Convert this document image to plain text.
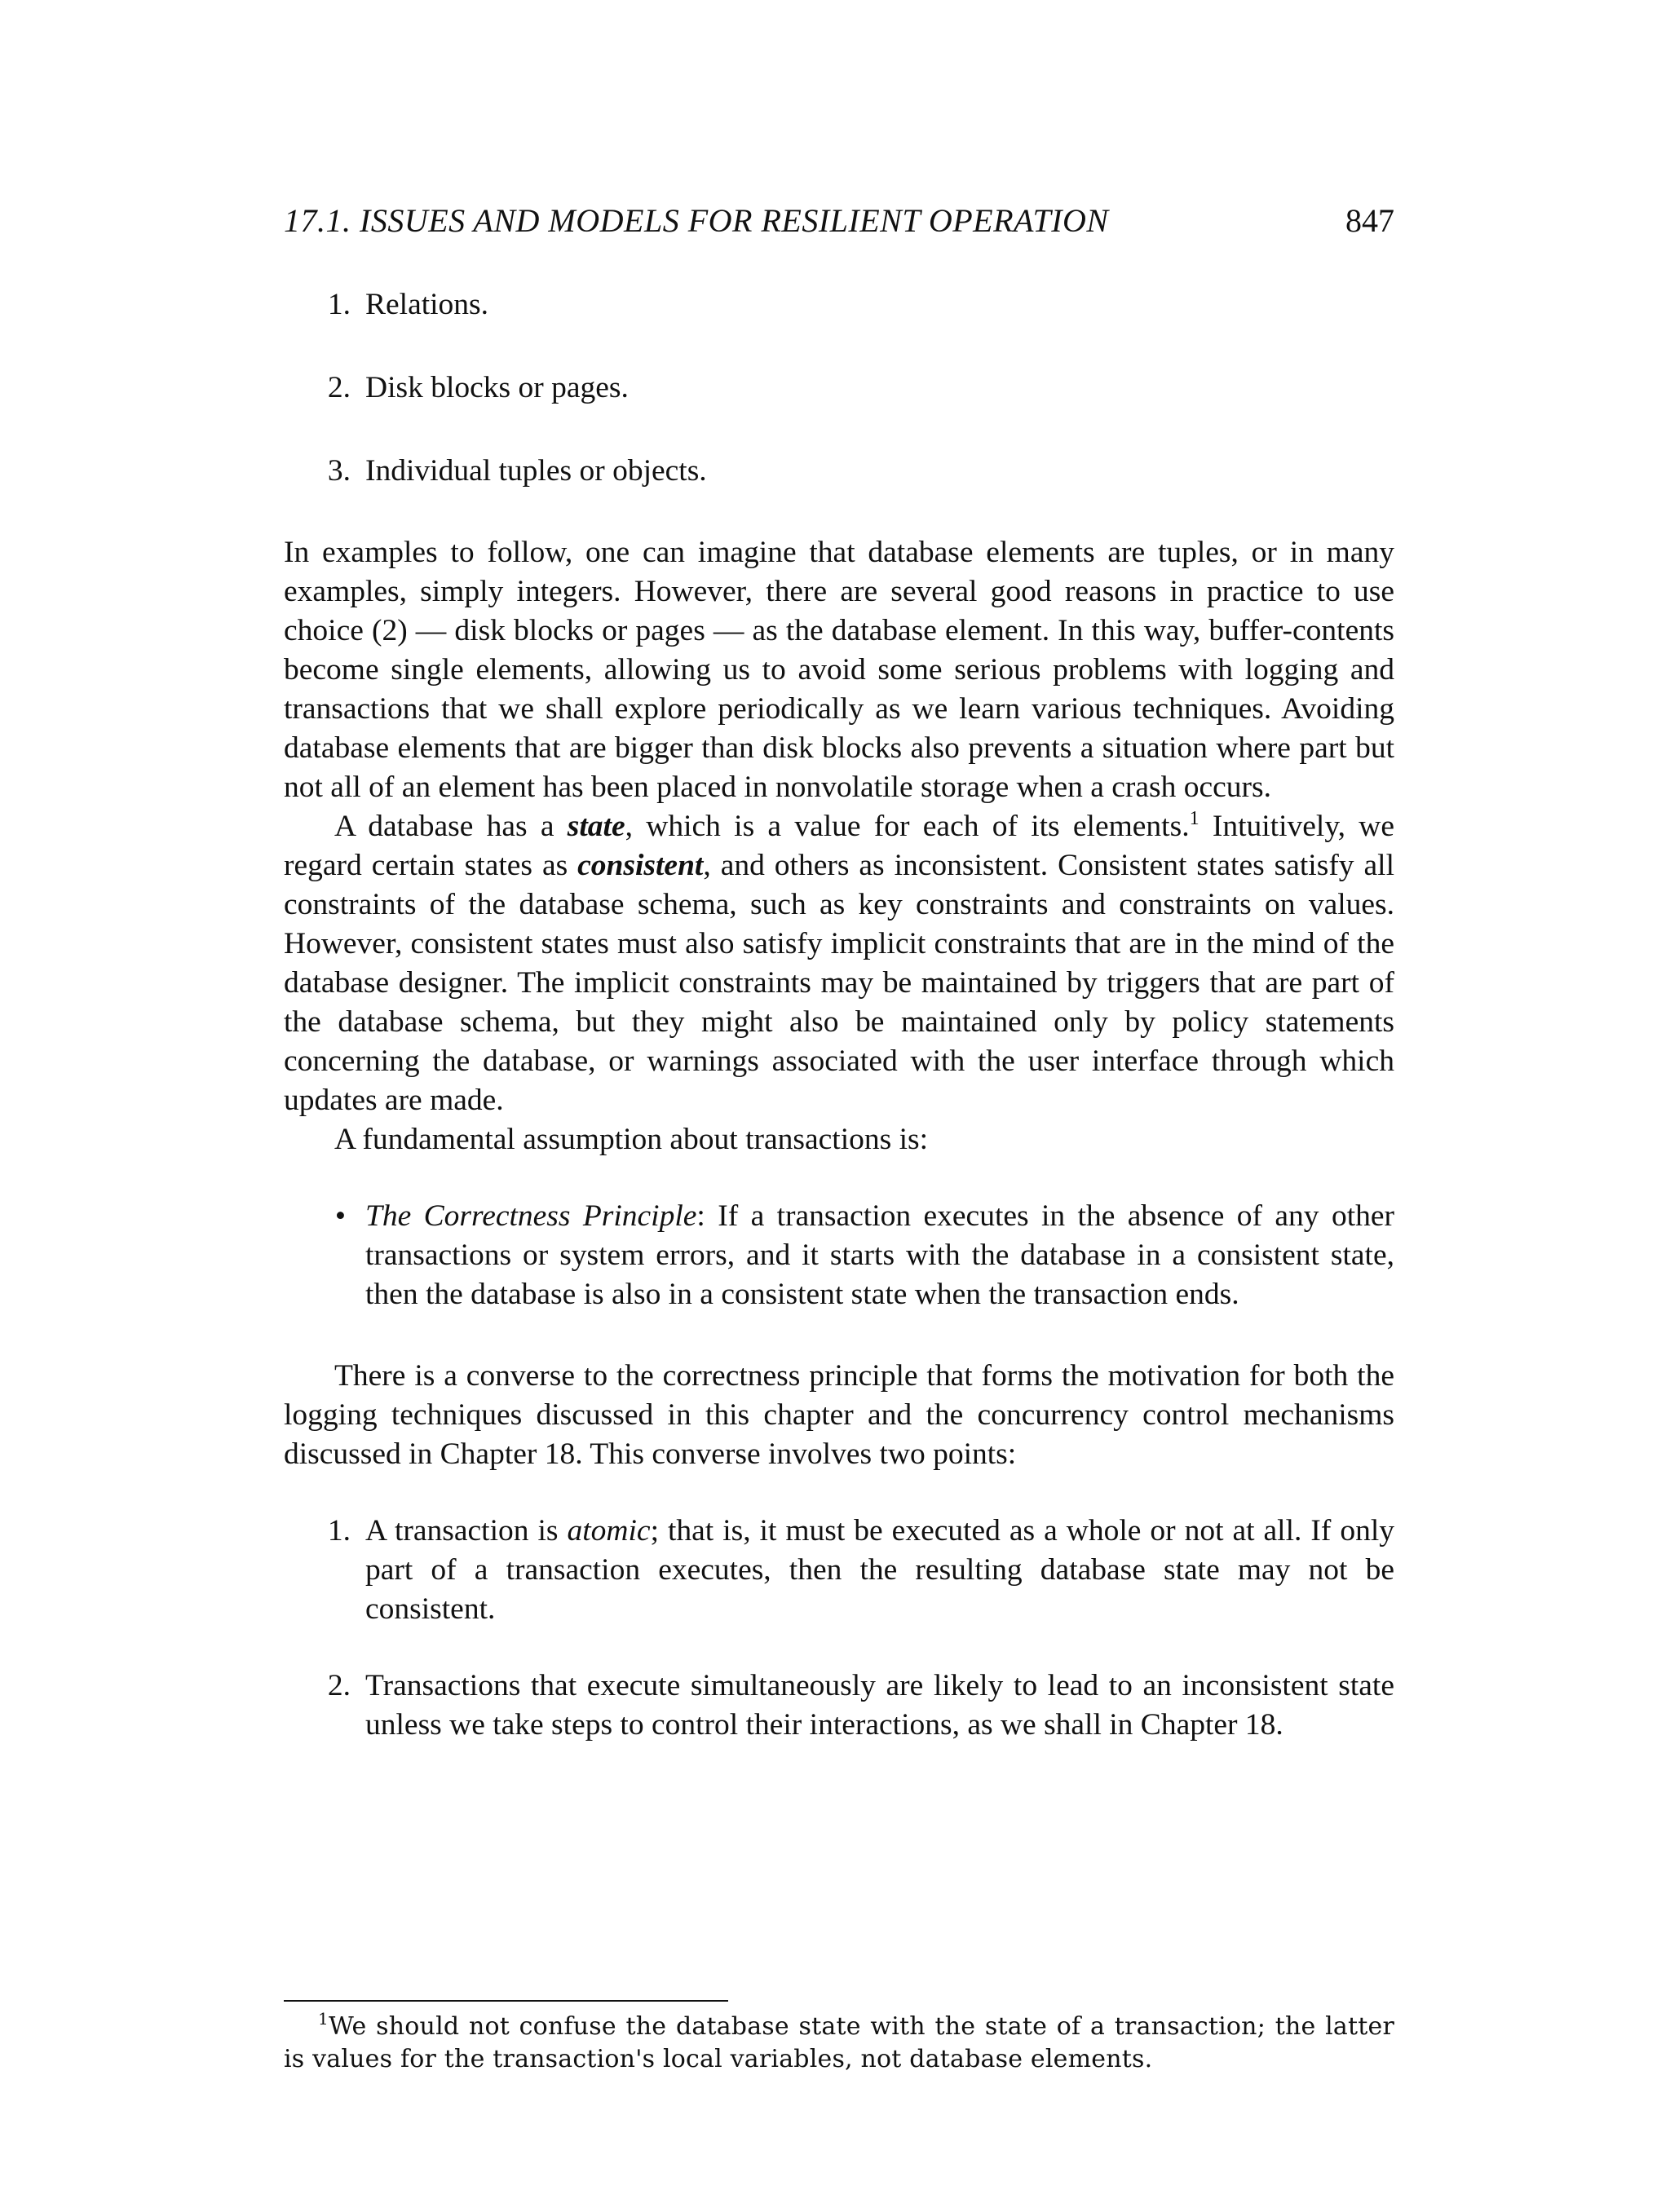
17.1. ISSUES AND MODELS FOR RESILIENT OPERATION	847
1. Relations.
2. Disk blocks or pages.
3. Individual tuples or objects.

In examples to follow, one can imagine that database elements are tuples, or in many examples, simply integers. However, there are several good reasons in practice to use choice (2) — disk blocks or pages — as the database element. In this way, buffer-contents become single elements, allowing us to avoid some serious problems with logging and transactions that we shall explore periodically as we learn various techniques. Avoiding database elements that are bigger than disk blocks also prevents a situation where part but not all of an element has been placed in nonvolatile storage when a crash occurs.

A database has a state, which is a value for each of its elements.$^1$ Intuitively, we regard certain states as consistent, and others as inconsistent. Consistent states satisfy all constraints of the database schema, such as key constraints and constraints on values. However, consistent states must also satisfy implicit constraints that are in the mind of the database designer. The implicit constraints may be maintained by triggers that are part of the database schema, but they might also be maintained only by policy statements concerning the database, or warnings associated with the user interface through which updates are made.

A fundamental assumption about transactions is:

• The Correctness Principle: If a transaction executes in the absence of any other transactions or system errors, and it starts with the database in a consistent state, then the database is also in a consistent state when the transaction ends.

There is a converse to the correctness principle that forms the motivation for both the logging techniques discussed in this chapter and the concurrency control mechanisms discussed in Chapter 18. This converse involves two points:

1. A transaction is atomic; that is, it must be executed as a whole or not at all. If only part of a transaction executes, then the resulting database state may not be consistent.
2. Transactions that execute simultaneously are likely to lead to an inconsistent state unless we take steps to control their interactions, as we shall in Chapter 18.
$^1$We should not confuse the database state with the state of a transaction; the latter is values for the transaction's local variables, not database elements.
